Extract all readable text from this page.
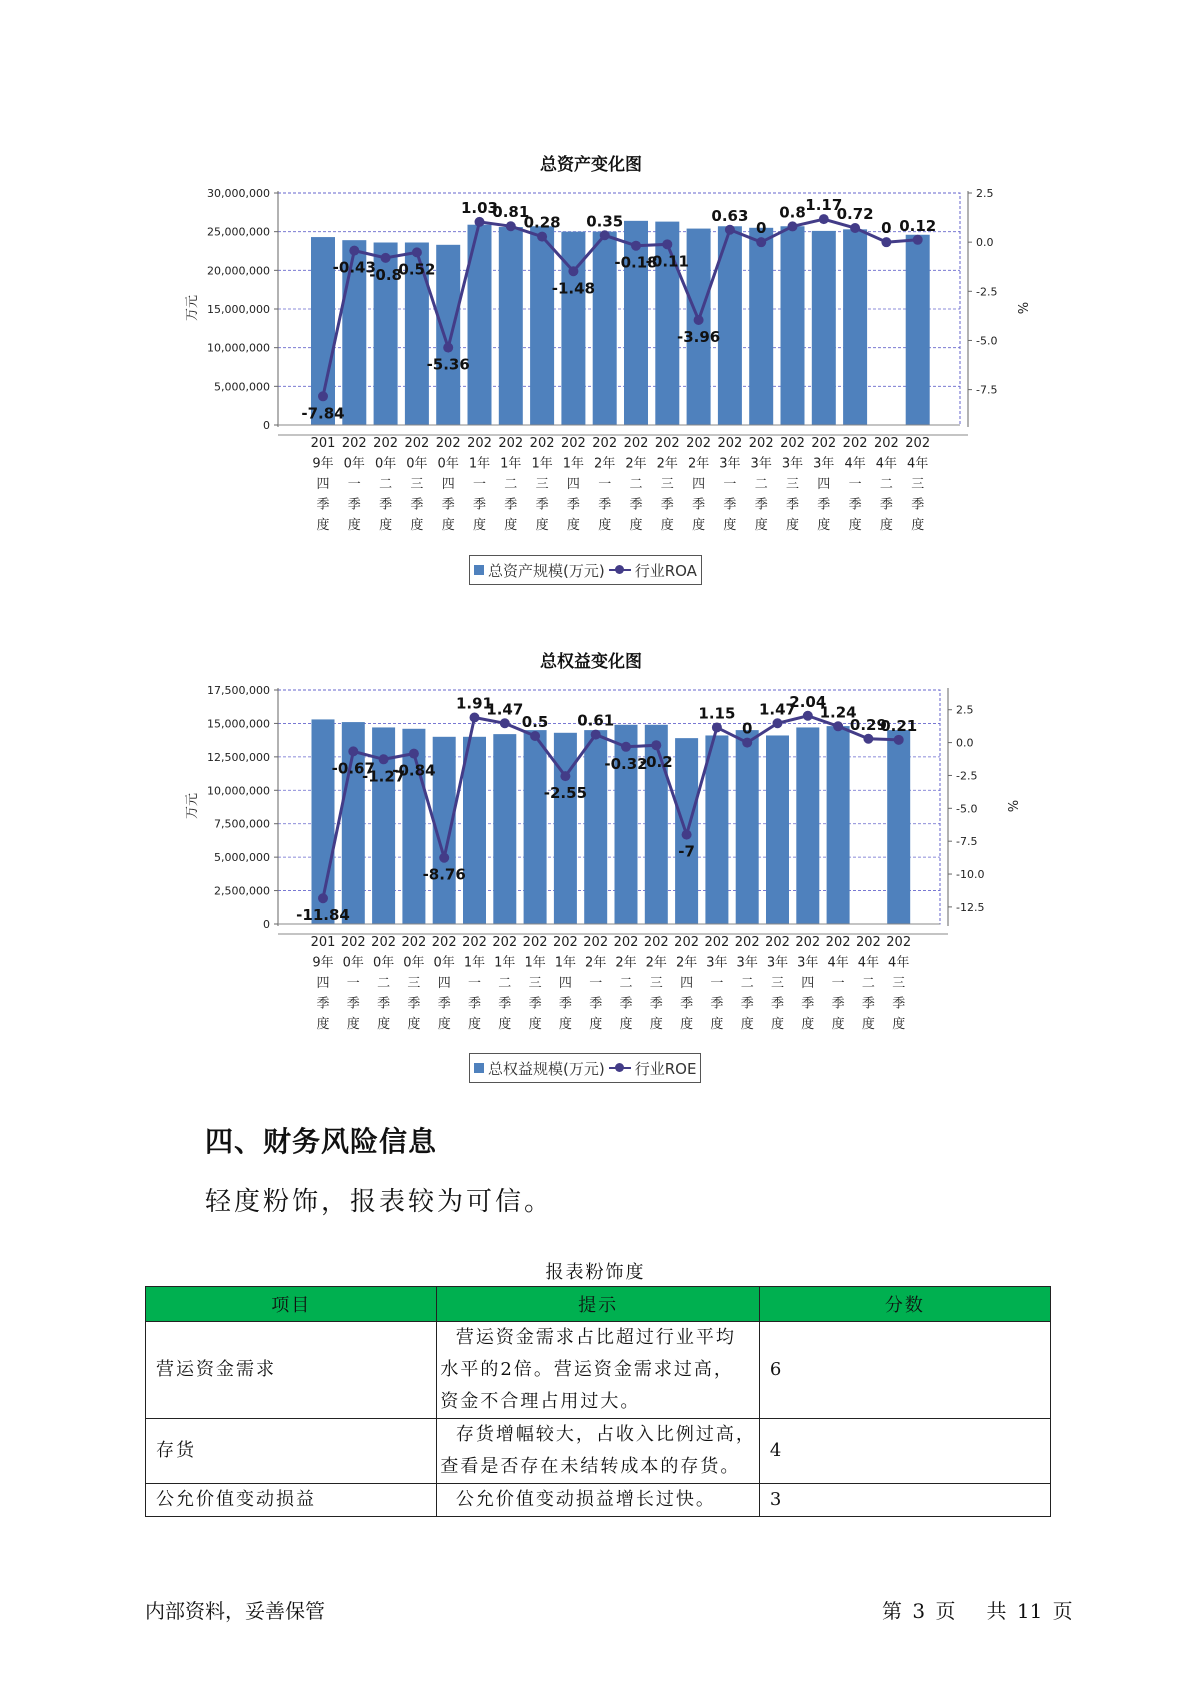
总资产变化图
0
5,000,000
10,000,000
15,000,000
20,000,000
25,000,000
30,000,000
-7.5
-5.0
-2.5
0.0
2.5
万元	%
201
9年
四
季
度
202
0年
一
季
度
202
0年
二
季
度
202
0年
三
季
度
202
0年
四
季
度
202
1年
一
季
度
202
1年
二
季
度
202
1年
三
季
度
202
1年
四
季
度
202
2年
一
季
度
202
2年
二
季
度
202
2年
三
季
度
202
2年
四
季
度
202
3年
一
季
度
202
3年
二
季
度
202
3年
三
季
度
202
3年
四
季
度
202
4年
一
季
度
202
4年
二
季
度
202
4年
三
季
度
-7.84
-0.43
-0.8
0.52
-5.36
1.03
0.81
0.28
-1.48
0.35
-0.18
-0.11
-3.96
0.63
0
0.8 1.17
0.72
0 0.12
总资产规模(万元) 行业ROA
总权益变化图
0
2,500,000
5,000,000
7,500,000
10,000,000
12,500,000
15,000,000
17,500,000
-12.5
-10.0
-7.5
-5.0
-2.5
0.0
2.5
万元	%
201
9年
四
季
度
202
0年
一
季
度
202
0年
二
季
度
202
0年
三
季
度
202
0年
四
季
度
202
1年
一
季
度
202
1年
二
季
度
202
1年
三
季
度
202
1年
四
季
度
202
2年
一
季
度
202
2年
二
季
度
202
2年
三
季
度
202
2年
四
季
度
202
3年
一
季
度
202
3年
二
季
度
202
3年
三
季
度
202
3年
四
季
度
202
4年
一
季
度
202
4年
二
季
度
202
4年
三
季
度
-11.84
-0.67
-1.27
-0.84
-8.76
1.91
1.47
0.5
-2.55
0.61
-0.32
-0.2
-7
1.15
0
1.47
2.04
1.24
0.29
0.21
总权益规模(万元) 行业ROE
四、财务风险信息
轻度粉饰，报表较为可信。
报表粉饰度
项目	提示	分数
营运资金需求	营运资金需求占比超过行业平均
水平的2倍。营运资金需求过高，
资金不合理占用过大。	6
存货	存货增幅较大，占收入比例过高，
查看是否存在未结转成本的存货。	4
公允价值变动损益	公允价值变动损益增长过快。	3
内部资料，妥善保管	第 3 页   共 11 页
